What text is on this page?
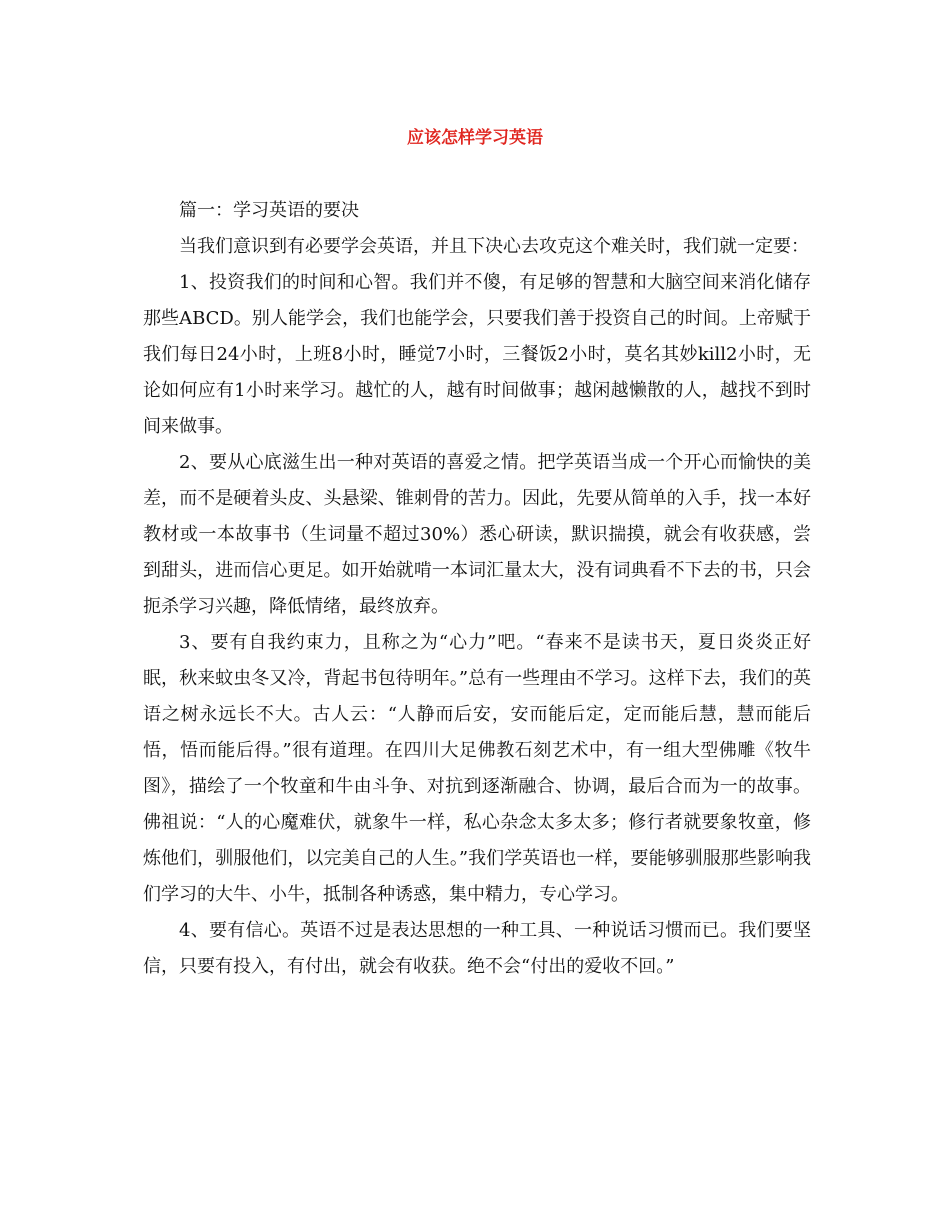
应该怎样学习英语

篇一：学习英语的要决

当我们意识到有必要学会英语，并且下决心去攻克这个难关时，我们就一定要：

1、投资我们的时间和心智。我们并不傻，有足够的智慧和大脑空间来消化储存那些ABCD。别人能学会，我们也能学会，只要我们善于投资自己的时间。上帝赋于我们每日24小时，上班8小时，睡觉7小时，三餐饭2小时，莫名其妙kill2小时，无论如何应有1小时来学习。越忙的人，越有时间做事；越闲越懒散的人，越找不到时间来做事。

2、要从心底滋生出一种对英语的喜爱之情。把学英语当成一个开心而愉快的美差，而不是硬着头皮、头悬梁、锥刺骨的苦力。因此，先要从简单的入手，找一本好教材或一本故事书（生词量不超过30%）悉心研读，默识揣摸，就会有收获感，尝到甜头，进而信心更足。如开始就啃一本词汇量太大，没有词典看不下去的书，只会扼杀学习兴趣，降低情绪，最终放弃。

3、要有自我约束力，且称之为“心力”吧。“春来不是读书天，夏日炎炎正好眠，秋来蚊虫冬又冷，背起书包待明年。”总有一些理由不学习。这样下去，我们的英语之树永远长不大。古人云：“人静而后安，安而能后定，定而能后慧，慧而能后悟，悟而能后得。”很有道理。在四川大足佛教石刻艺术中，有一组大型佛雕《牧牛图》，描绘了一个牧童和牛由斗争、对抗到逐渐融合、协调，最后合而为一的故事。佛祖说：“人的心魔难伏，就象牛一样，私心杂念太多太多；修行者就要象牧童，修炼他们，驯服他们，以完美自己的人生。”我们学英语也一样，要能够驯服那些影响我们学习的大牛、小牛，抵制各种诱惑，集中精力，专心学习。

4、要有信心。英语不过是表达思想的一种工具、一种说话习惯而已。我们要坚信，只要有投入，有付出，就会有收获。绝不会“付出的爱收不回。”
